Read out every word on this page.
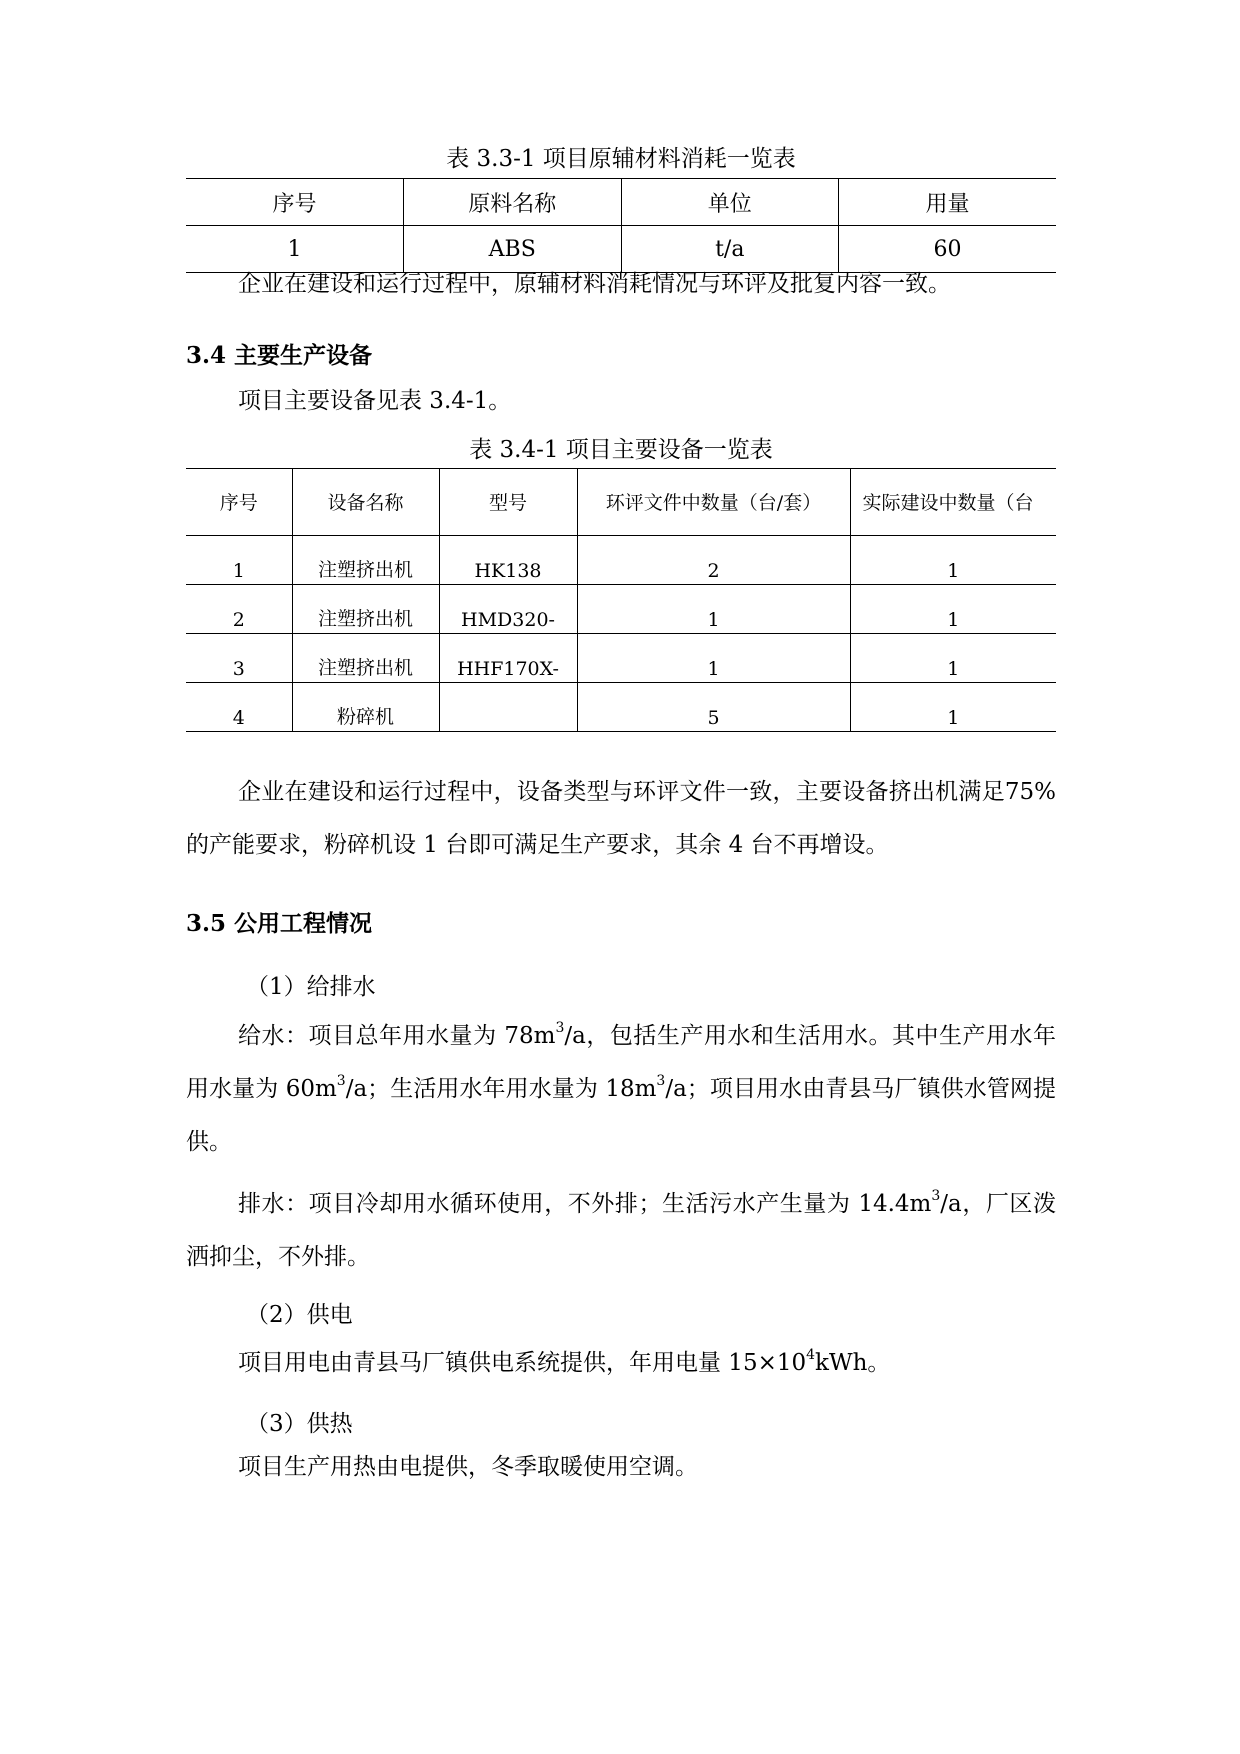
表 3.3-1 项目原辅材料消耗一览表
序号	原料名称	单位	用量
1	ABS	t/a	60
企业在建设和运行过程中，原辅材料消耗情况与环评及批复内容一致。
3.4 主要生产设备
项目主要设备见表 3.4-1。
表 3.4-1 项目主要设备一览表
序号	设备名称	型号	环评文件中数量（台/套）	实际建设中数量（台
1	注塑挤出机	HK138	2	1
2	注塑挤出机	HMD320-	1	1
3	注塑挤出机	HHF170X-	1	1
4	粉碎机		5	1
企业在建设和运行过程中，设备类型与环评文件一致，主要设备挤出机满足75%的产能要求，粉碎机设 1 台即可满足生产要求，其余 4 台不再增设。
3.5 公用工程情况
（1）给排水
给水：项目总年用水量为 $78m^3/a$，包括生产用水和生活用水。其中生产用水年用水量为 $60m^3/a$；生活用水年用水量为 $18m^3/a$；项目用水由青县马厂镇供水管网提供。
排水：项目冷却用水循环使用，不外排；生活污水产生量为 $14.4m^3/a$，厂区泼洒抑尘，不外排。
（2）供电
项目用电由青县马厂镇供电系统提供，年用电量 $15\times 10^4kWh$。
（3）供热
项目生产用热由电提供，冬季取暖使用空调。
